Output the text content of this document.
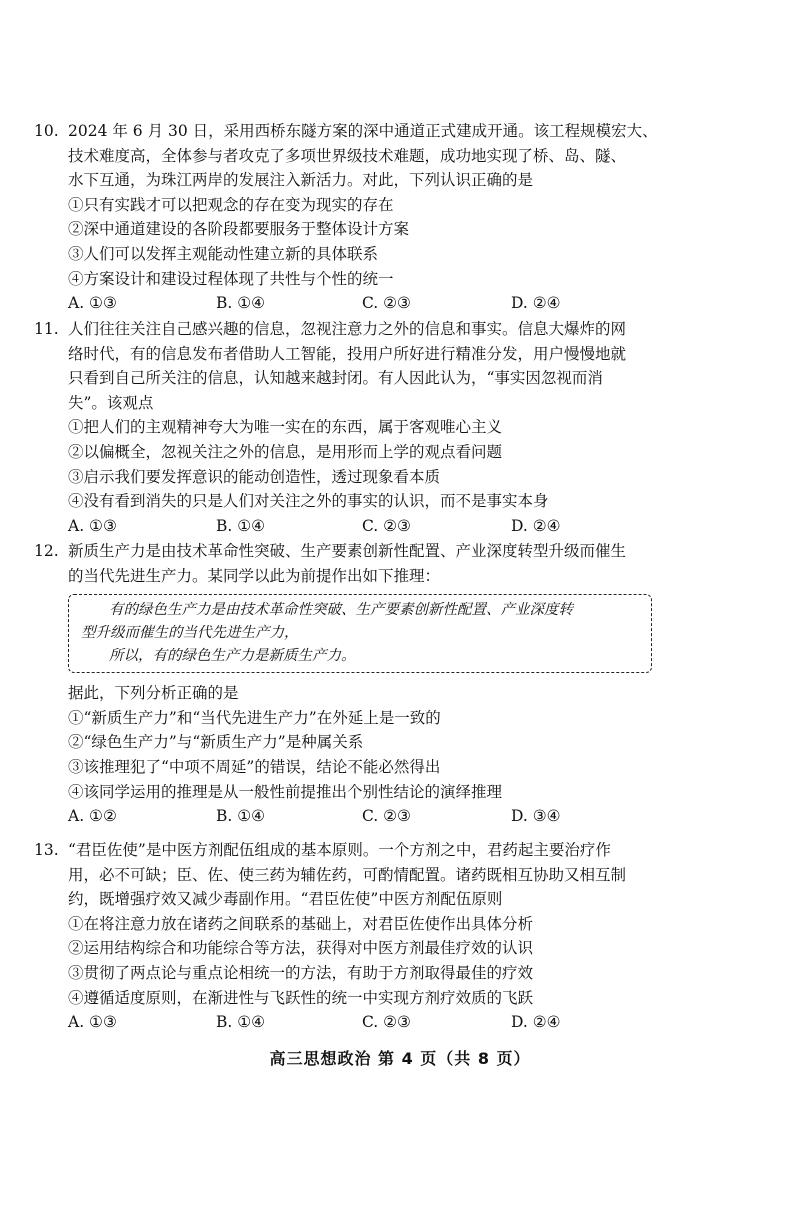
10. 2024 年 6 月 30 日，采用西桥东隧方案的深中通道正式建成开通。该工程规模宏大、
技术难度高，全体参与者攻克了多项世界级技术难题，成功地实现了桥、岛、隧、
水下互通，为珠江两岸的发展注入新活力。对此，下列认识正确的是
①只有实践才可以把观念的存在变为现实的存在
②深中通道建设的各阶段都要服务于整体设计方案
③人们可以发挥主观能动性建立新的具体联系
④方案设计和建设过程体现了共性与个性的统一
A. ①③	B. ①④	C. ②③	D. ②④
11. 人们往往关注自己感兴趣的信息，忽视注意力之外的信息和事实。信息大爆炸的网
络时代，有的信息发布者借助人工智能，投用户所好进行精准分发，用户慢慢地就
只看到自己所关注的信息，认知越来越封闭。有人因此认为，“事实因忽视而消
失”。该观点
①把人们的主观精神夸大为唯一实在的东西，属于客观唯心主义
②以偏概全，忽视关注之外的信息，是用形而上学的观点看问题
③启示我们要发挥意识的能动创造性，透过现象看本质
④没有看到消失的只是人们对关注之外的事实的认识，而不是事实本身
A. ①③	B. ①④	C. ②③	D. ②④
12. 新质生产力是由技术革命性突破、生产要素创新性配置、产业深度转型升级而催生
的当代先进生产力。某同学以此为前提作出如下推理：
有的绿色生产力是由技术革命性突破、生产要素创新性配置、产业深度转
型升级而催生的当代先进生产力，
所以，有的绿色生产力是新质生产力。
据此，下列分析正确的是
①“新质生产力”和“当代先进生产力”在外延上是一致的
②“绿色生产力”与“新质生产力”是种属关系
③该推理犯了“中项不周延”的错误，结论不能必然得出
④该同学运用的推理是从一般性前提推出个别性结论的演绎推理
A. ①②	B. ①④	C. ②③	D. ③④
13. “君臣佐使”是中医方剂配伍组成的基本原则。一个方剂之中，君药起主要治疗作
用，必不可缺；臣、佐、使三药为辅佐药，可酌情配置。诸药既相互协助又相互制
约，既增强疗效又减少毒副作用。“君臣佐使”中医方剂配伍原则
①在将注意力放在诸药之间联系的基础上，对君臣佐使作出具体分析
②运用结构综合和功能综合等方法，获得对中医方剂最佳疗效的认识
③贯彻了两点论与重点论相统一的方法，有助于方剂取得最佳的疗效
④遵循适度原则，在渐进性与飞跃性的统一中实现方剂疗效质的飞跃
A. ①③	B. ①④	C. ②③	D. ②④
高三思想政治 第 4 页（共 8 页）
